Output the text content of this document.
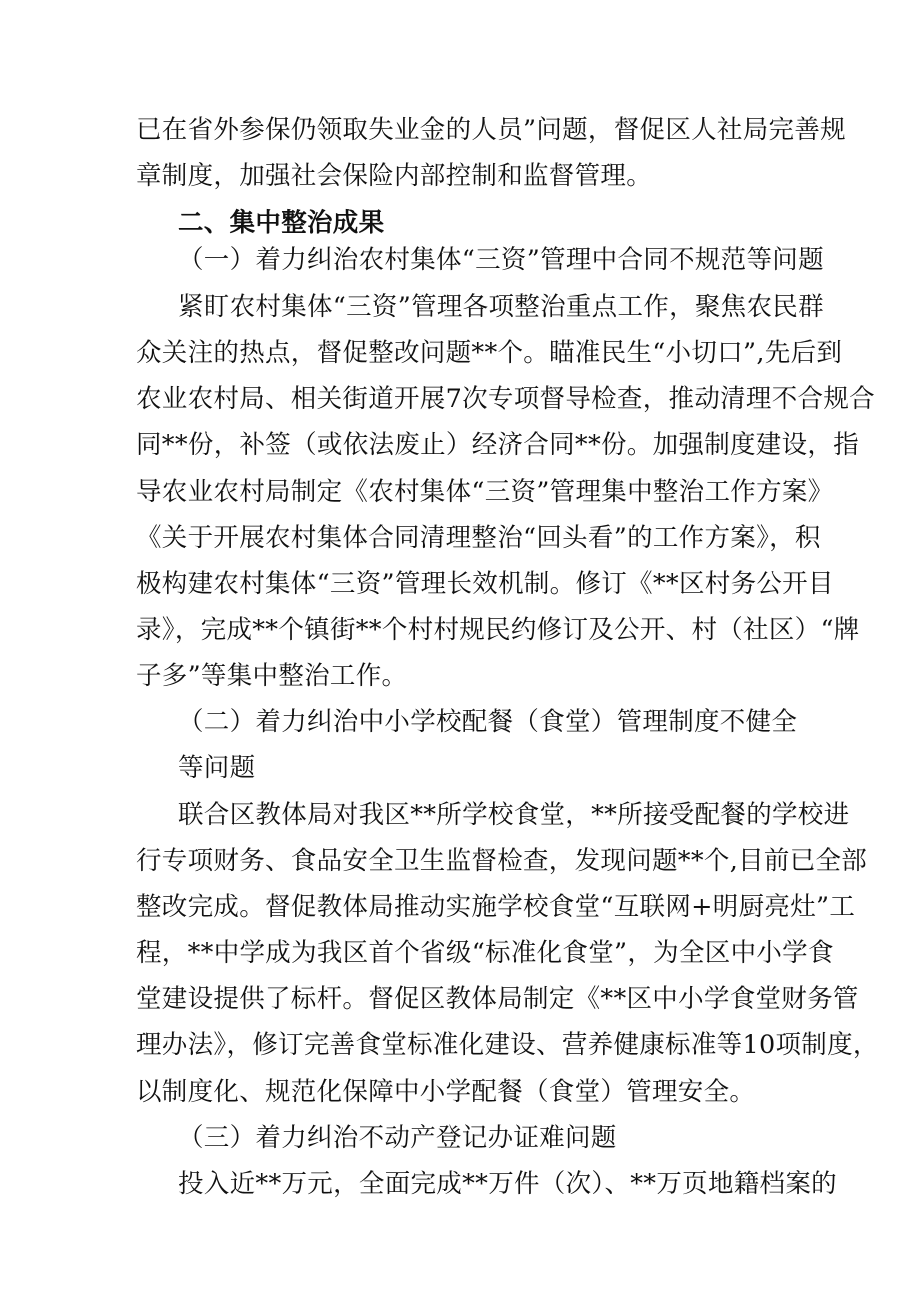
已在省外参保仍领取失业金的人员”问题，督促区人社局完善规
章制度，加强社会保险内部控制和监督管理。
二、集中整治成果
（一）着力纠治农村集体“三资”管理中合同不规范等问题
紧盯农村集体“三资”管理各项整治重点工作，聚焦农民群
众关注的热点，督促整改问题**个。瞄准民生“小切口”,先后到
农业农村局、相关街道开展7次专项督导检查，推动清理不合规合
同**份，补签（或依法废止）经济合同**份。加强制度建设，指
导农业农村局制定《农村集体“三资”管理集中整治工作方案》
《关于开展农村集体合同清理整治“回头看”的工作方案》，积
极构建农村集体“三资”管理长效机制。修订《**区村务公开目
录》，完成**个镇街**个村村规民约修订及公开、村（社区）“牌
子多”等集中整治工作。
（二）着力纠治中小学校配餐（食堂）管理制度不健全
等问题
联合区教体局对我区**所学校食堂，**所接受配餐的学校进
行专项财务、食品安全卫生监督检查，发现问题**个,目前已全部
整改完成。督促教体局推动实施学校食堂“互联网+明厨亮灶”工
程，**中学成为我区首个省级“标准化食堂”，为全区中小学食
堂建设提供了标杆。督促区教体局制定《**区中小学食堂财务管
理办法》，修订完善食堂标准化建设、营养健康标准等10项制度，
以制度化、规范化保障中小学配餐（食堂）管理安全。
（三）着力纠治不动产登记办证难问题
投入近**万元，全面完成**万件（次）、**万页地籍档案的
